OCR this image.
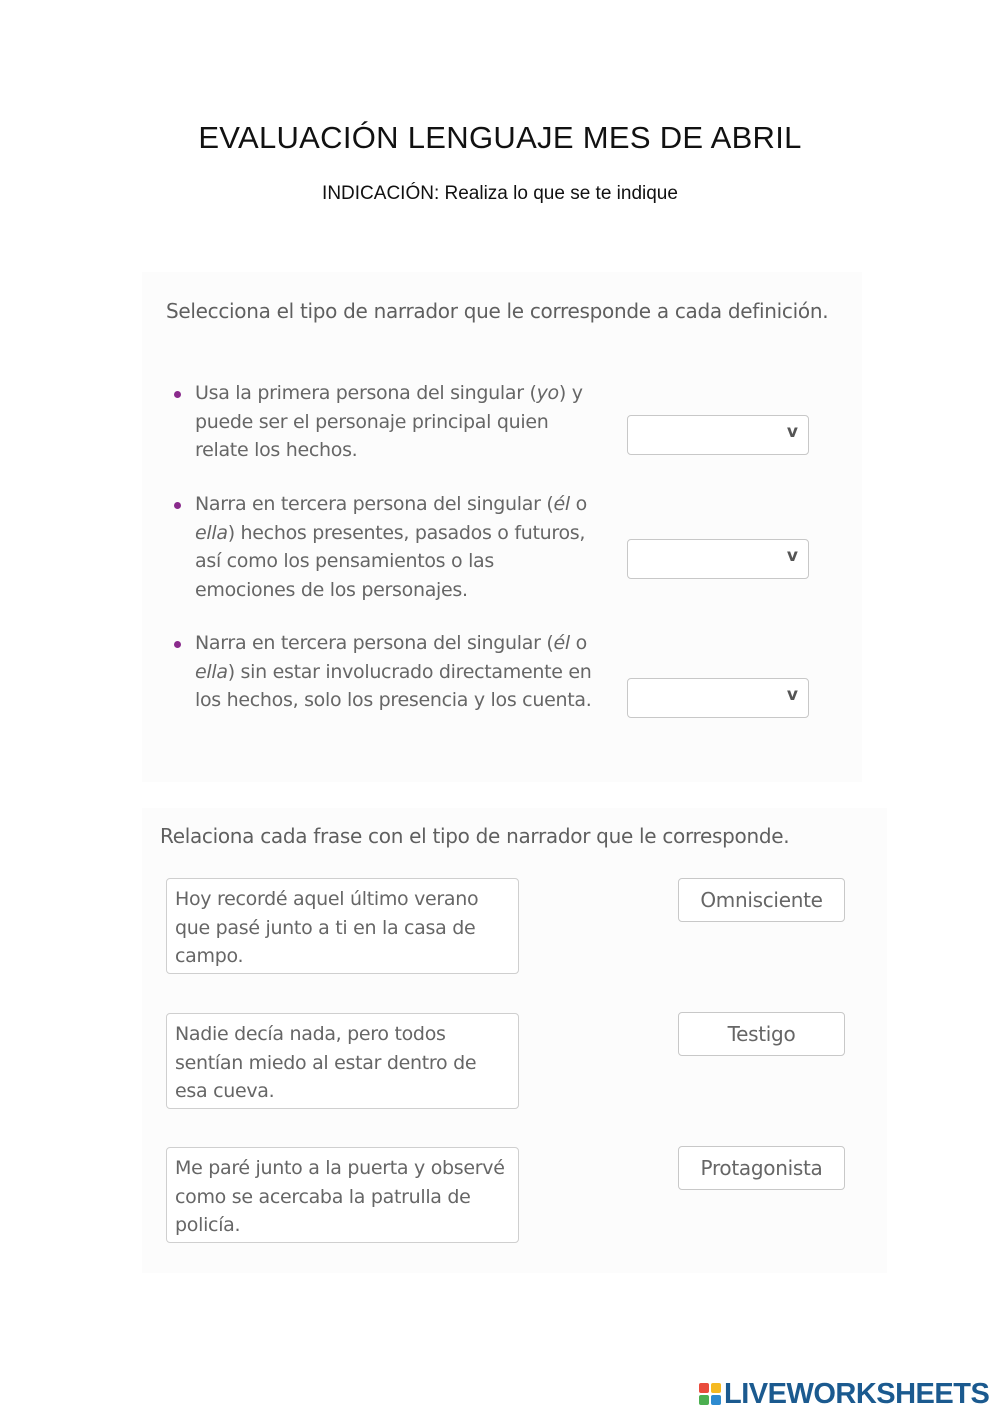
EVALUACIÓN LENGUAJE MES DE ABRIL
INDICACIÓN: Realiza lo que se te indique
Selecciona el tipo de narrador que le corresponde a cada definición.
Usa la primera persona del singular (yo) y puede ser el personaje principal quien relate los hechos.
v
Narra en tercera persona del singular (él o ella) hechos presentes, pasados o futuros, así como los pensamientos o las emociones de los personajes.
v
Narra en tercera persona del singular (él o ella) sin estar involucrado directamente en los hechos, solo los presencia y los cuenta.	v
Relaciona cada frase con el tipo de narrador que le corresponde.
Hoy recordé aquel último verano que pasé junto a ti en la casa de campo.
Nadie decía nada, pero todos sentían miedo al estar dentro de esa cueva.
Me paré junto a la puerta y observé como se acercaba la patrulla de policía.
Omnisciente
Testigo
Protagonista
LIVEWORKSHEETS
